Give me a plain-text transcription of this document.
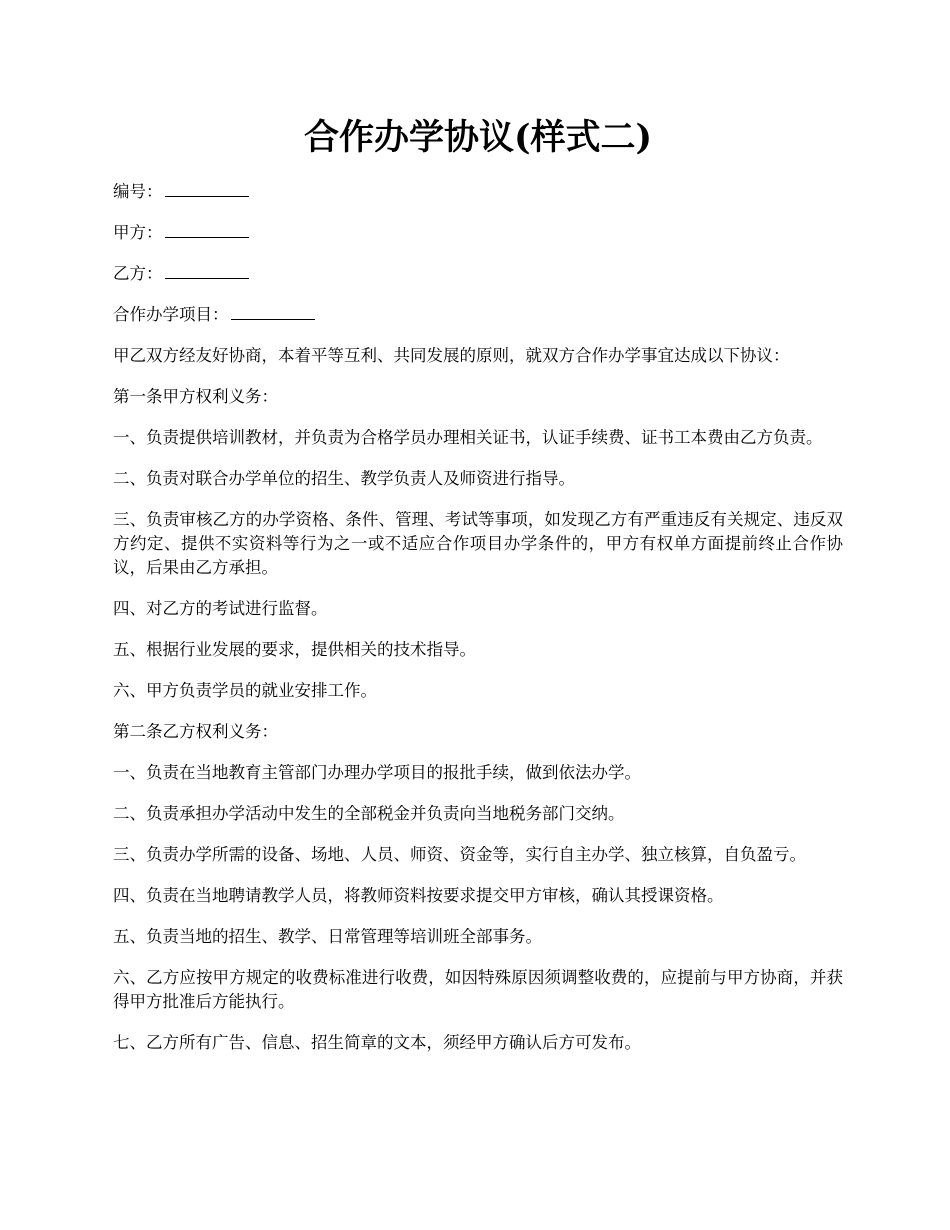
合作办学协议(样式二)

编号：

甲方：

乙方：

合作办学项目：

甲乙双方经友好协商，本着平等互利、共同发展的原则，就双方合作办学事宜达成以下协议：

第一条甲方权利义务：

一、负责提供培训教材，并负责为合格学员办理相关证书，认证手续费、证书工本费由乙方负责。

二、负责对联合办学单位的招生、教学负责人及师资进行指导。

三、负责审核乙方的办学资格、条件、管理、考试等事项，如发现乙方有严重违反有关规定、违反双方约定、提供不实资料等行为之一或不适应合作项目办学条件的，甲方有权单方面提前终止合作协议，后果由乙方承担。

四、对乙方的考试进行监督。

五、根据行业发展的要求，提供相关的技术指导。

六、甲方负责学员的就业安排工作。

第二条乙方权利义务：

一、负责在当地教育主管部门办理办学项目的报批手续，做到依法办学。

二、负责承担办学活动中发生的全部税金并负责向当地税务部门交纳。

三、负责办学所需的设备、场地、人员、师资、资金等，实行自主办学、独立核算，自负盈亏。

四、负责在当地聘请教学人员，将教师资料按要求提交甲方审核，确认其授课资格。

五、负责当地的招生、教学、日常管理等培训班全部事务。

六、乙方应按甲方规定的收费标准进行收费，如因特殊原因须调整收费的，应提前与甲方协商，并获得甲方批准后方能执行。

七、乙方所有广告、信息、招生简章的文本，须经甲方确认后方可发布。
